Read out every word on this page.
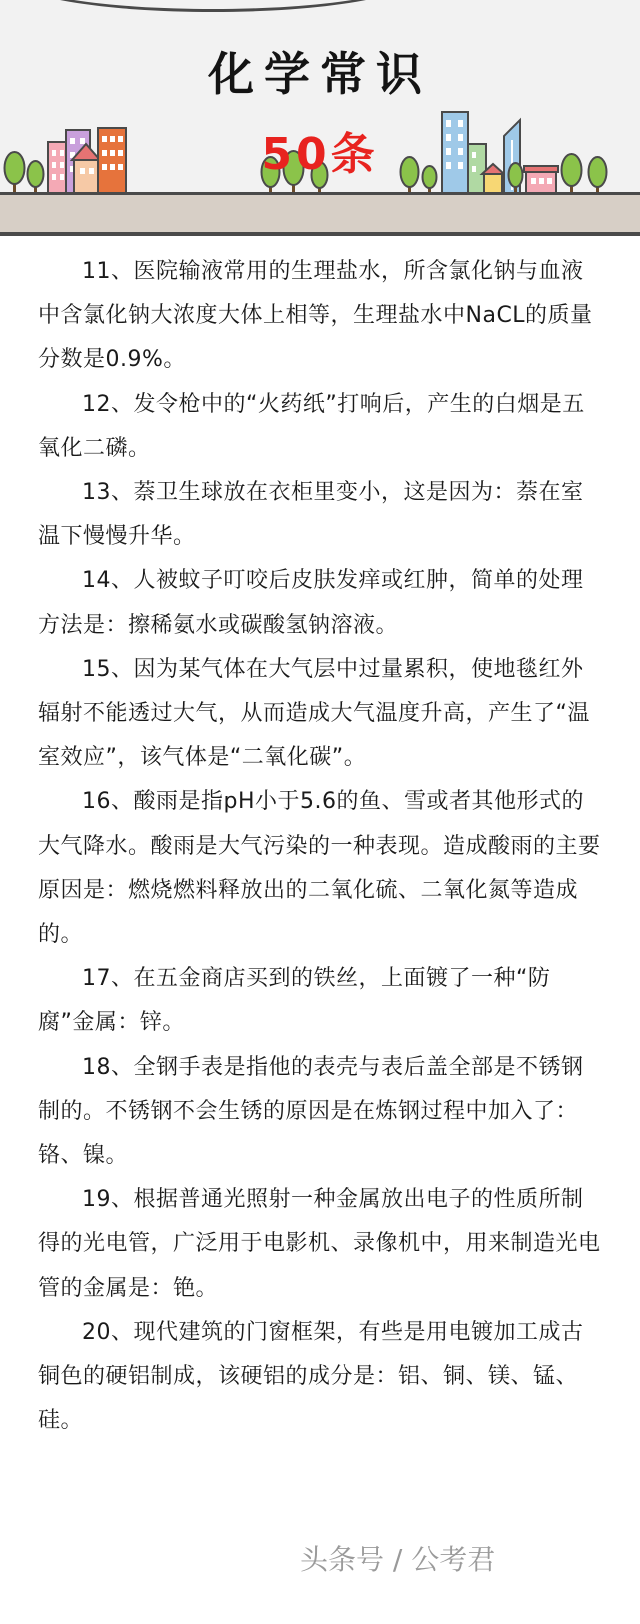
化学常识
50条

11、医院输液常用的生理盐水，所含氯化钠与血液中含氯化钠大浓度大体上相等，生理盐水中NaCL的质量分数是0.9%。

12、发令枪中的“火药纸”打响后，产生的白烟是五氧化二磷。

13、萘卫生球放在衣柜里变小，这是因为：萘在室温下慢慢升华。

14、人被蚊子叮咬后皮肤发痒或红肿，简单的处理方法是：擦稀氨水或碳酸氢钠溶液。

15、因为某气体在大气层中过量累积，使地毯红外辐射不能透过大气，从而造成大气温度升高，产生了“温室效应”，该气体是“二氧化碳”。

16、酸雨是指pH小于5.6的鱼、雪或者其他形式的大气降水。酸雨是大气污染的一种表现。造成酸雨的主要原因是：燃烧燃料释放出的二氧化硫、二氧化氮等造成的。

17、在五金商店买到的铁丝，上面镀了一种“防腐”金属：锌。

18、全钢手表是指他的表壳与表后盖全部是不锈钢制的。不锈钢不会生锈的原因是在炼钢过程中加入了：铬、镍。

19、根据普通光照射一种金属放出电子的性质所制得的光电管，广泛用于电影机、录像机中，用来制造光电管的金属是：铯。

20、现代建筑的门窗框架，有些是用电镀加工成古铜色的硬铝制成，该硬铝的成分是：铝、铜、镁、锰、硅。

头条号 / 公考君
